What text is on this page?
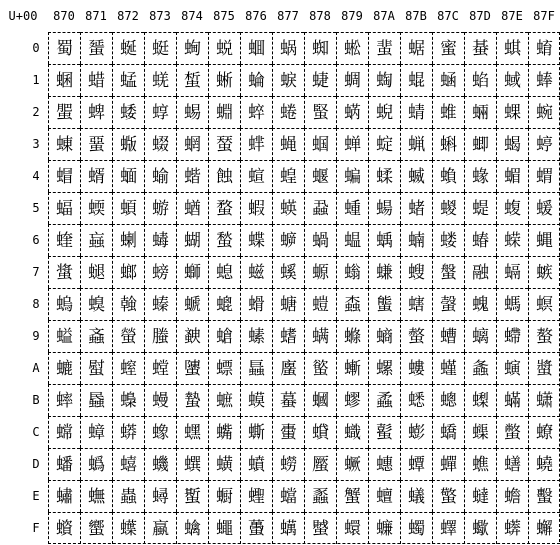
U+00	870 871 872 873 874 875 876 877 878 879 87A 87B 87C 87D 87E 87F
0 蜀 蜑 蜒 蜓 蜔 蜕 蜖 蜗 蜘 蜙 蜚 蜛 蜜 蜝 蜞 蜟
1 蜠 蜡 蜢 蜣 蜤 蜥 蜦 蜧 蜨 蜩 蜪 蜫 蜬 蜭 蜮 蜯
2 蜰 蜱 蜲 蜳 蜴 蜵 蜶 蜷 蜸 蜹 蜺 蜻 蜼 蜽 蜾 蜿
3 蝀 蝁 蝂 蝃 蝄 蝅 蝆 蝇 蝈 蝉 蝊 蝋 蝌 蝍 蝎 蝏
4 蝐 蝑 蝒 蝓 蝔 蝕 蝖 蝗 蝘 蝙 蝚 蝛 蝜 蝝 蝞 蝟
5 蝠 蝡 蝢 蝣 蝤 蝥 蝦 蝧 蝨 蝩 蝪 蝫 蝬 蝭 蝮 蝯
6 蝰 蝱 蝲 蝳 蝴 蝵 蝶 蝷 蝸 蝹 蝺 蝻 蝼 蝽 蝾 蝿
7 螀 螁 螂 螃 螄 螅 螆 螇 螈 螉 螊 螋 螌 融 螎 螏
8 螐 螑 螒 螓 螔 螕 螖 螗 螘 螙 螚 螛 螜 螝 螞 螟
9 螠 螡 螢 螣 螤 螥 螦 螧 螨 螩 螪 螫 螬 螭 螮 螯
A 螰 螱 螲 螳 螴 螵 螶 螷 螸 螹 螺 螻 螼 螽 螾 螿
B 蟀 蟁 蟂 蟃 蟄 蟅 蟆 蟇 蟈 蟉 蟊 蟋 蟌 蟍 蟎 蟏
C 蟐 蟑 蟒 蟓 蟔 蟕 蟖 蟗 蟘 蟙 蟚 蟛 蟜 蟝 蟞 蟟
D 蟠 蟡 蟢 蟣 蟤 蟥 蟦 蟧 蟨 蟩 蟪 蟫 蟬 蟭 蟮 蟯
E 蟰 蟱 蟲 蟳 蟴 蟵 蟶 蟷 蟸 蟹 蟺 蟻 蟼 蟽 蟾 蟿
F 蠀 蠁 蠂 蠃 蠄 蠅 蠆 蠇 蠈 蠉 蠊 蠋 蠌 蠍 蠎 蠏
